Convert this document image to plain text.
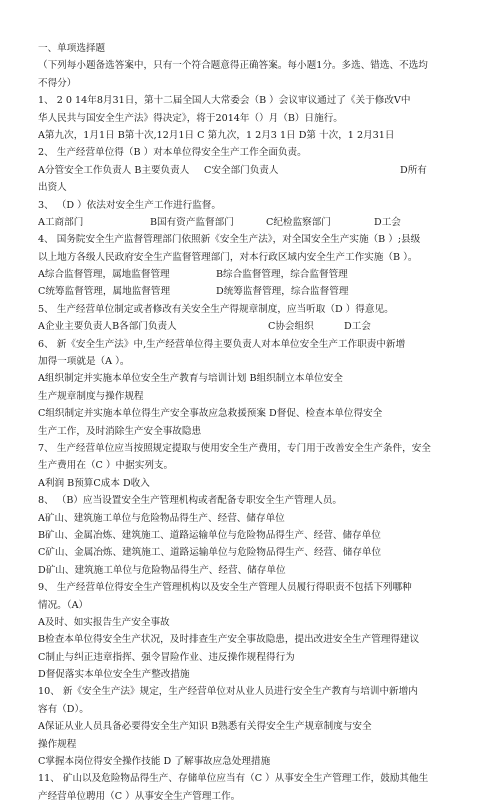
一、单项选择题
（下列每小题备选答案中，只有一个符合题意得正确答案。每小题1分。多选、错选、不选均
不得分）
1、 2 0 14年8月31日，第十二届全国人大常委会（B ）会议审议通过了《关于修改V中
华人民共与国安全生产法》得决定》，将于2014年（）月（B）日施行。
A第九次，1月1日 B第十次,12月1日 C 第九次，1 2月3 1日 D第 十次，1 2月31日
2、 生产经营单位得（B ）对本单位得安全生产工作全面负责。
A分管安全工作负责人 B主要负责人	C安全部门负责人	D所有
出资人
3、 （D ）依法对安全生产工作进行监督。
A工商部门	B国有资产监督部门	C纪检监察部门	D工会
4、 国务院安全生产监督管理部门依照新《安全生产法》，对全国安全生产实施（B ）;县级
以上地方各级人民政府安全生产监督管理部门，对本行政区域内安全生产工作实施（B ）。
A综合监督管理，属地监督管理	B综合监督管理，综合监督管理
C统筹监督管理，属地监督管理	D统筹监督管理，综合监督管理
5、 生产经营单位制定或者修改有关安全生产得规章制度，应当听取（D ）得意见。
A企业主要负责人B各部门负责人	C协会组织	D工会
6、 新《安全生产法》中,生产经营单位得主要负责人对本单位安全生产工作职责中新增
加得一项就是（A ）。
A组织制定并实施本单位安全生产教育与培训计划 B组织制立本单位安全
生产规章制度与操作规程
C组织制定并实施本单位得生产安全事故应急救援预案 D督促、检查本单位得安全
生产工作，及时消除生产安全事故隐患
7、 生产经营单位应当按照规定提取与使用安全生产费用，专门用于改善安全生产条件，安全
生产费用在（C ）中据实列支。
A利润 B预算C成本 D收入
8、 （B）应当设置安全生产管理机构或者配备专职安全生产管理人员。
A矿山、建筑施工单位与危险物品得生产、经营、储存单位
B矿山、金属冶炼、建筑施工、道路运输单位与危险物品得生产、经营、储存单位
C矿山、金属冶炼、建筑施工、道路运输单位与危险物品得生产、经营、储存单位
D矿山、建筑施工单位与危险物品得生产、经营、储存单位
9、 生产经营单位得安全生产管理机构以及安全生产管理人员履行得职责不包括下列哪种
情况。（A）
A及时、如实报告生产安全事故
B检查本单位得安全生产状况，及时排查生产安全事故隐患，提出改进安全生产管理得建议
C制止与纠正违章指挥、强令冒险作业、违反操作规程得行为
D督促落实本单位安全生产整改措施
10、 新《安全生产法》规定，生产经营单位对从业人员进行安全生产教育与培训中新增内
容有（D）。
A保证从业人员具备必要得安全生产知识 B熟悉有关得安全生产规章制度与安全
操作规程
C掌握本岗位得安全操作技能 D 了解事故应急处理措施
11、 矿山以及危险物品得生产、存储单位应当有（C ）从事安全生产管理工作，鼓励其他生
产经营单位聘用（C ）从事安全生产管理工作。
